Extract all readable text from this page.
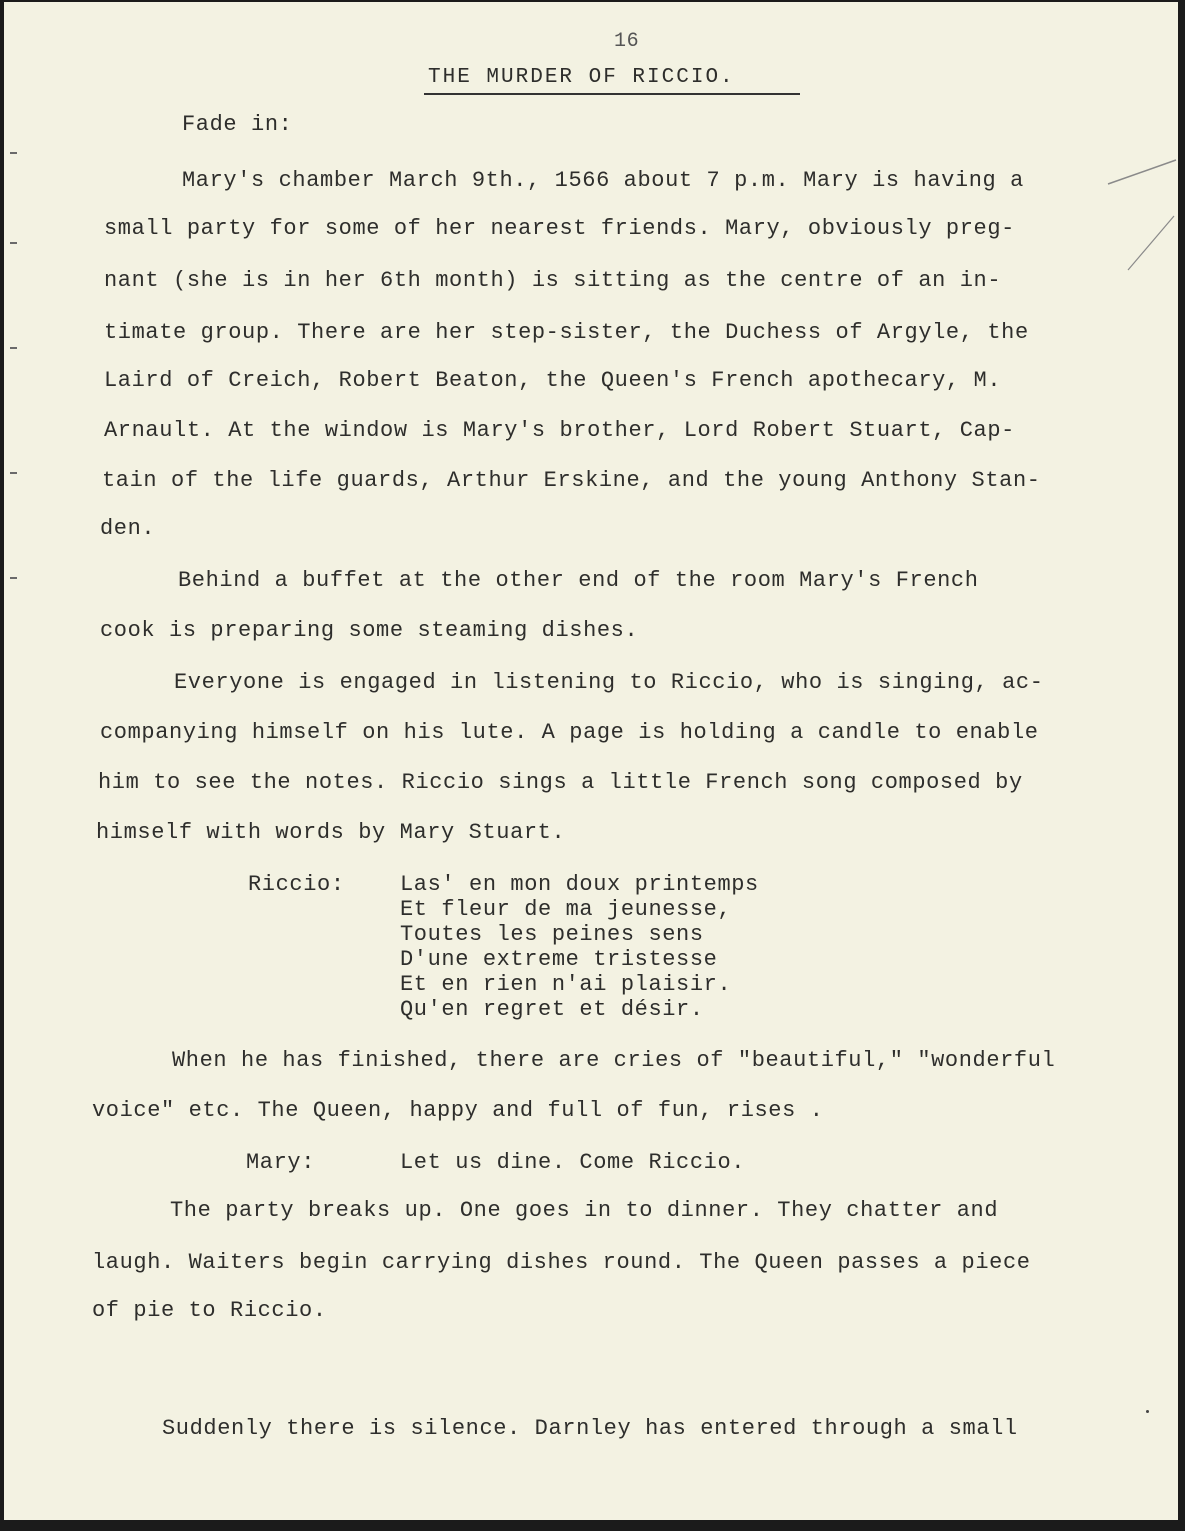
16
THE MURDER OF RICCIO.
Fade in:
Mary's chamber March 9th., 1566 about 7 p.m. Mary is having a
small party for some of her nearest friends. Mary, obviously preg-
nant (she is in her 6th month) is sitting as the centre of an in-
timate group. There are her step-sister, the Duchess of Argyle, the
Laird of Creich, Robert Beaton, the Queen's French apothecary, M.
Arnault. At the window is Mary's brother, Lord Robert Stuart, Cap-
tain of the life guards, Arthur Erskine, and the young Anthony Stan-
den.
Behind a buffet at the other end of the room Mary's French
cook is preparing some steaming dishes.
Everyone is engaged in listening to Riccio, who is singing, ac-
companying himself on his lute. A page is holding a candle to enable
him to see the notes. Riccio sings a little French song composed by
himself with words by Mary Stuart.
Riccio:	Las' en mon doux printemps
Et fleur de ma jeunesse,
Toutes les peines sens
D'une extreme tristesse
Et en rien n'ai plaisir.
Qu'en regret et désir.
When he has finished, there are cries of "beautiful," "wonderful
voice" etc. The Queen, happy and full of fun, rises .
Mary:	Let us dine. Come Riccio.
The party breaks up. One goes in to dinner. They chatter and
laugh. Waiters begin carrying dishes round. The Queen passes a piece
of pie to Riccio.
Suddenly there is silence. Darnley has entered through a small
